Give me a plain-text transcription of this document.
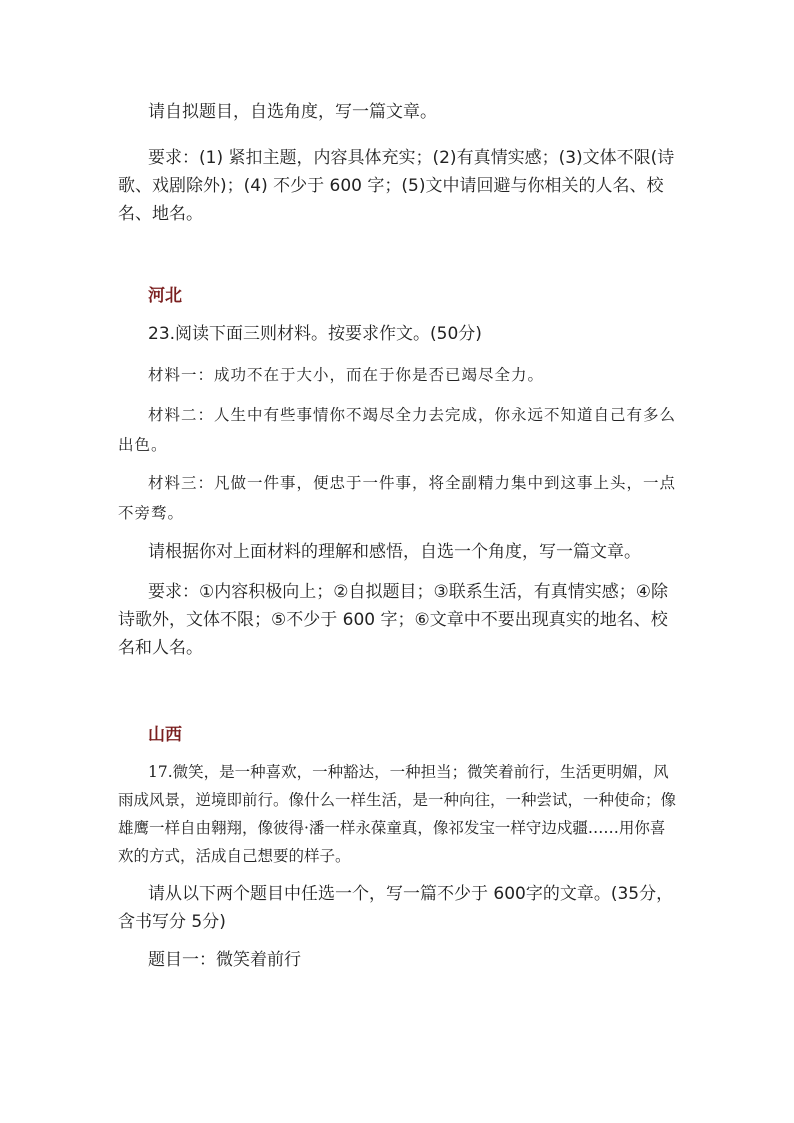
请自拟题目，自选角度，写一篇文章。

要求：(1) 紧扣主题，内容具体充实；(2)有真情实感；(3)文体不限(诗歌、戏剧除外)；(4) 不少于 600 字；(5)文中请回避与你相关的人名、校名、地名。

河北

23.阅读下面三则材料。按要求作文。(50分)

材料一：成功不在于大小，而在于你是否已竭尽全力。

材料二：人生中有些事情你不竭尽全力去完成，你永远不知道自己有多么出色。

材料三：凡做一件事，便忠于一件事，将全副精力集中到这事上头，一点不旁骛。

请根据你对上面材料的理解和感悟，自选一个角度，写一篇文章。

要求：①内容积极向上；②自拟题目；③联系生活，有真情实感；④除诗歌外，文体不限；⑤不少于 600 字；⑥文章中不要出现真实的地名、校名和人名。

山西

17.微笑，是一种喜欢，一种豁达，一种担当；微笑着前行，生活更明媚，风雨成风景，逆境即前行。像什么一样生活，是一种向往，一种尝试，一种使命；像雄鹰一样自由翱翔，像彼得·潘一样永葆童真，像祁发宝一样守边戍疆……用你喜欢的方式，活成自己想要的样子。

请从以下两个题目中任选一个，写一篇不少于 600字的文章。(35分，含书写分 5分)

题目一：微笑着前行
